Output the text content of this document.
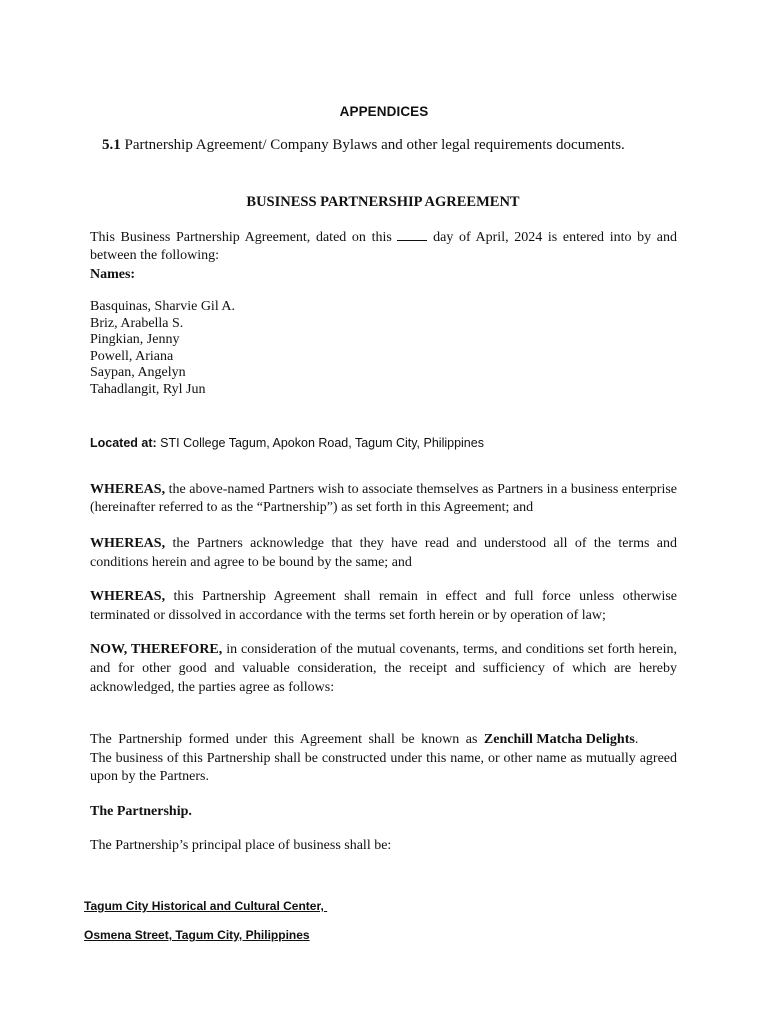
APPENDICES
5.1 Partnership Agreement/ Company Bylaws and other legal requirements documents.
BUSINESS PARTNERSHIP AGREEMENT
This Business Partnership Agreement, dated on this	day of April, 2024 is entered into by and between the following:
Names:
Basquinas, Sharvie Gil A.
Briz, Arabella S.
Pingkian, Jenny
Powell, Ariana
Saypan, Angelyn
Tahadlangit, Ryl Jun
Located at: STI College Tagum, Apokon Road, Tagum City, Philippines
WHEREAS, the above-named Partners wish to associate themselves as Partners in a business enterprise (hereinafter referred to as the “Partnership”) as set forth in this Agreement; and
WHEREAS, the Partners acknowledge that they have read and understood all of the terms and conditions herein and agree to be bound by the same; and
WHEREAS, this Partnership Agreement shall remain in effect and full force unless otherwise terminated or dissolved in accordance with the terms set forth herein or by operation of law;
NOW, THEREFORE, in consideration of the mutual covenants, terms, and conditions set forth herein, and for other good and valuable consideration, the receipt and sufficiency of which are hereby acknowledged, the parties agree as follows:
The Partnership formed under this Agreement shall be known as Zenchill Matcha Delights.
The business of this Partnership shall be constructed under this name, or other name as mutually agreed upon by the Partners.
The Partnership.
The Partnership’s principal place of business shall be:
Tagum City Historical and Cultural Center,
Osmena Street, Tagum City, Philippines
